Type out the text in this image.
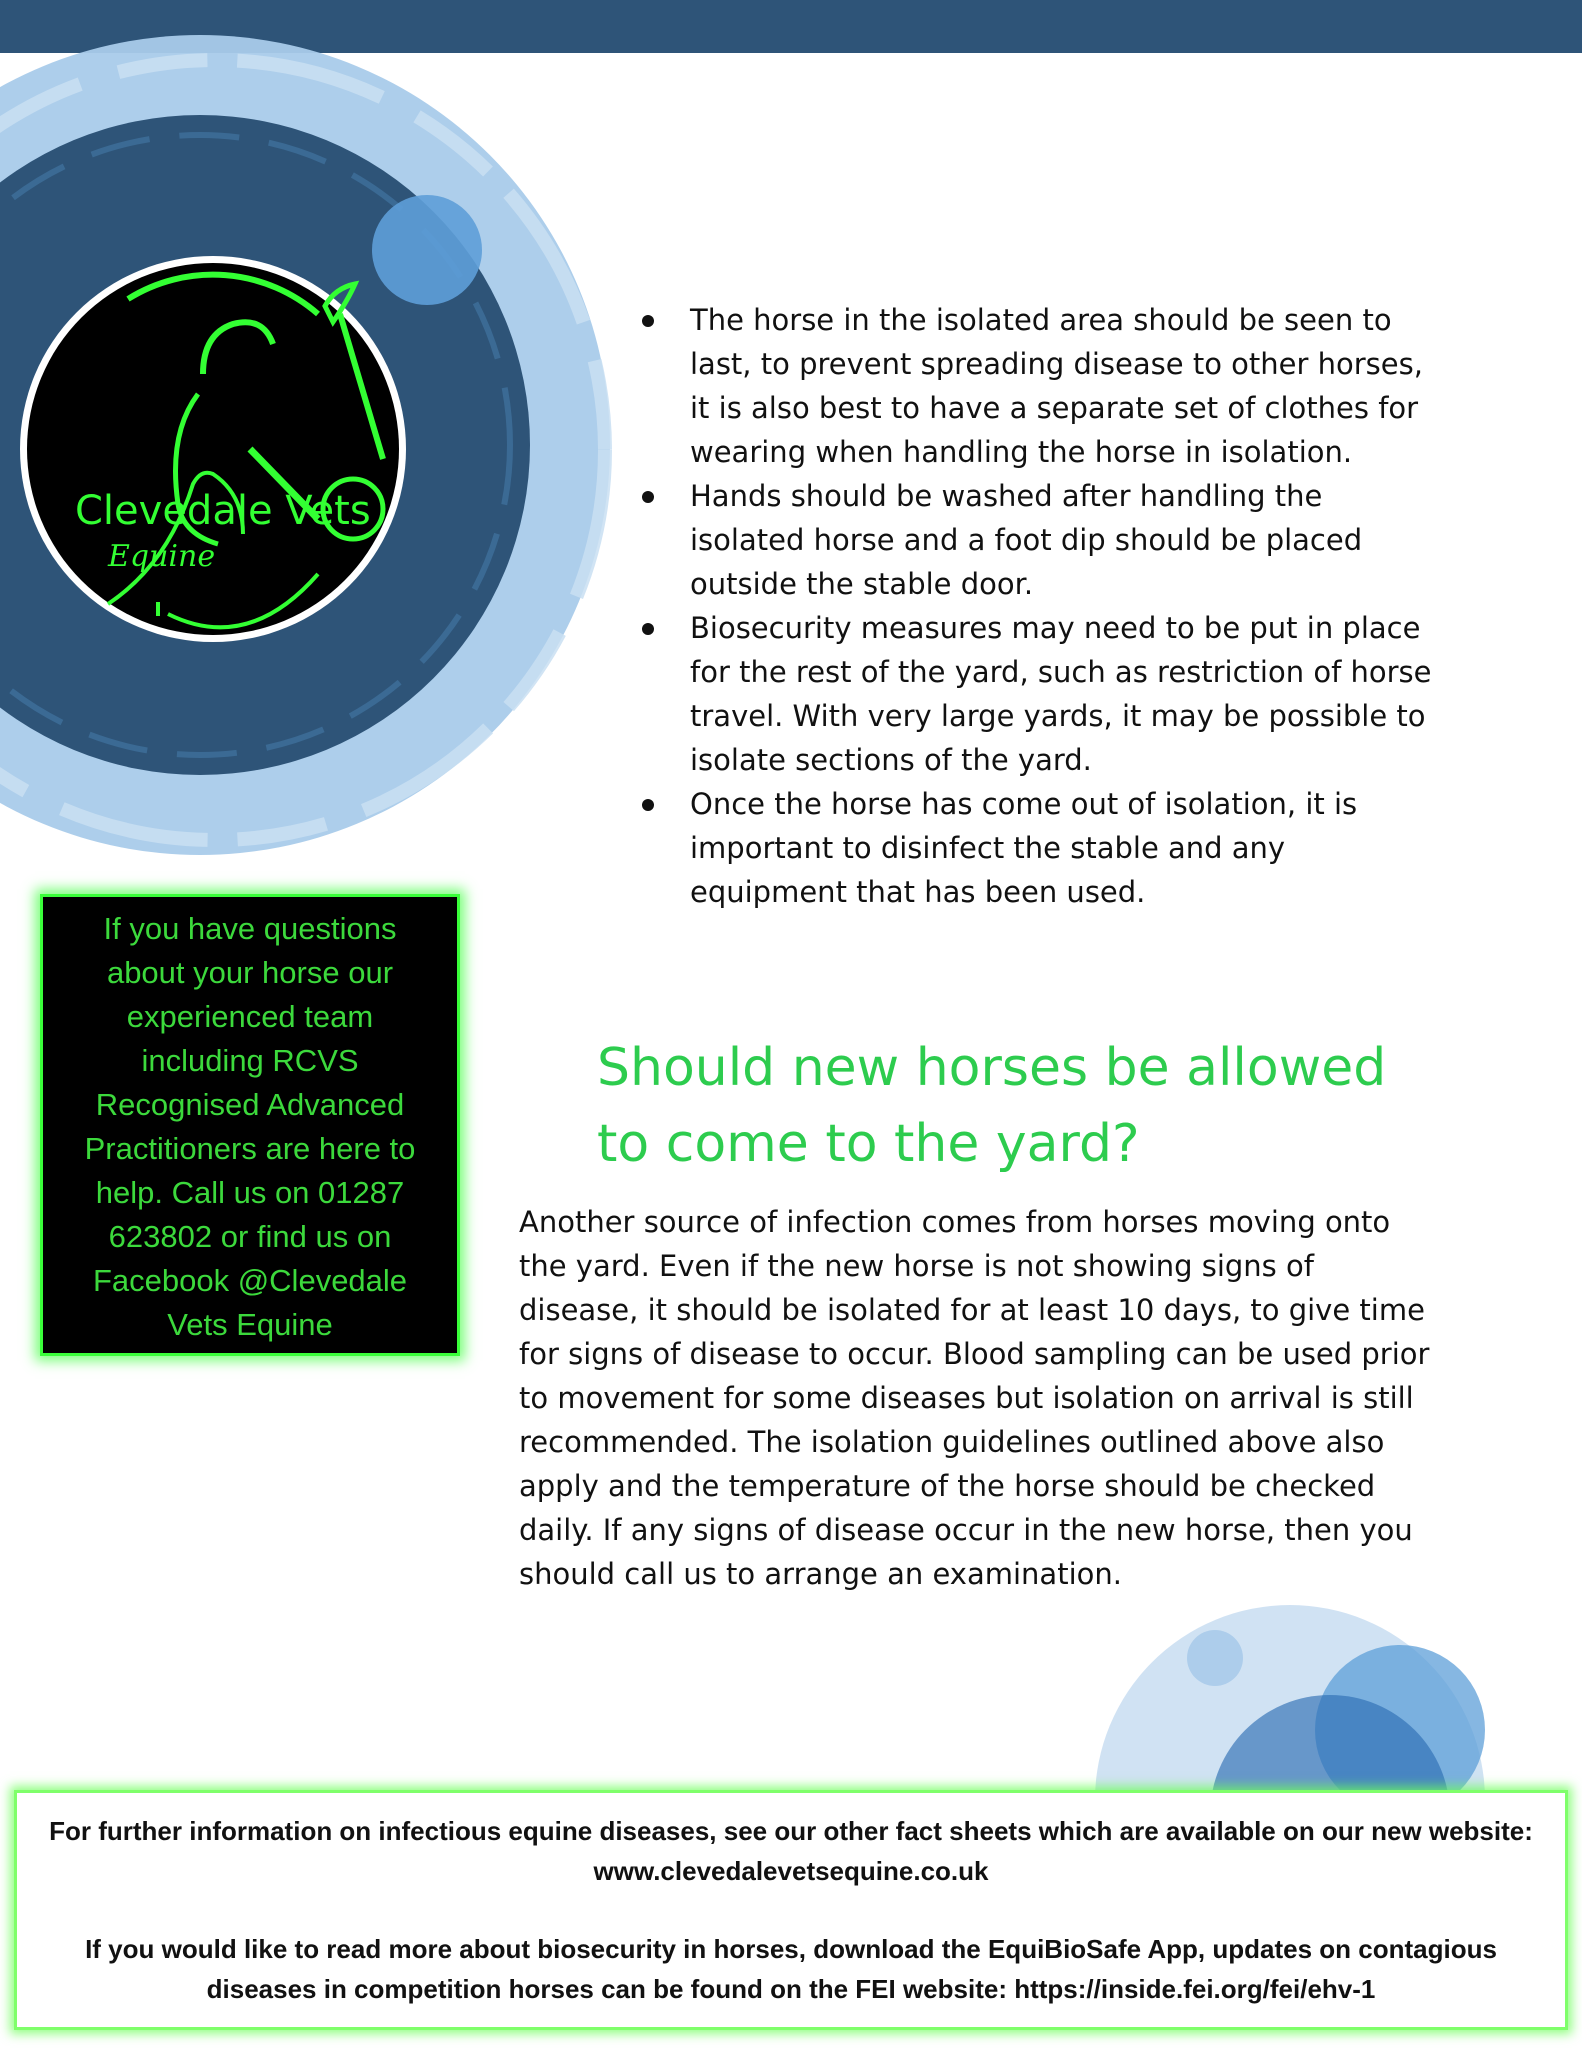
Clevedale Vets
Equine
If you have questions about your horse our experienced team including RCVS Recognised Advanced Practitioners are here to help. Call us on 01287 623802 or find us on Facebook @Clevedale Vets Equine
The horse in the isolated area should be seen to last, to prevent spreading disease to other horses, it is also best to have a separate set of clothes for wearing when handling the horse in isolation.
Hands should be washed after handling the isolated horse and a foot dip should be placed outside the stable door.
Biosecurity measures may need to be put in place for the rest of the yard, such as restriction of horse travel. With very large yards, it may be possible to isolate sections of the yard.
Once the horse has come out of isolation, it is important to disinfect the stable and any equipment that has been used.
Should new horses be allowed to come to the yard?

Another source of infection comes from horses moving onto the yard. Even if the new horse is not showing signs of disease, it should be isolated for at least 10 days, to give time for signs of disease to occur. Blood sampling can be used prior to movement for some diseases but isolation on arrival is still recommended. The isolation guidelines outlined above also apply and the temperature of the horse should be checked daily. If any signs of disease occur in the new horse, then you should call us to arrange an examination.

For further information on infectious equine diseases, see our other fact sheets which are available on our new website:

www.clevedalevetsequine.co.uk

If you would like to read more about biosecurity in horses, download the EquiBioSafe App, updates on contagious diseases in competition horses can be found on the FEI website: https://inside.fei.org/fei/ehv-1
